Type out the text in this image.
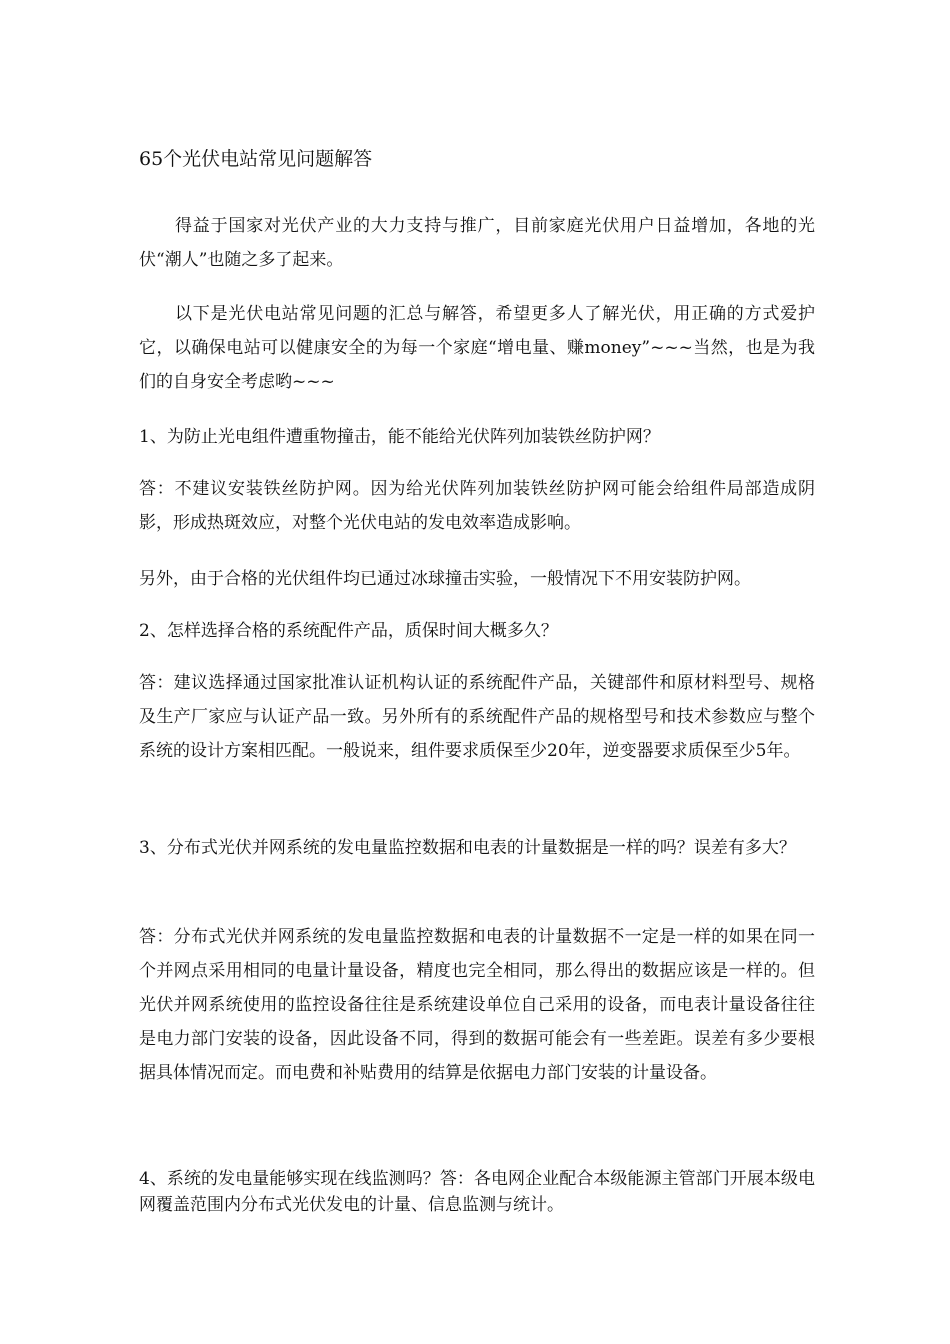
65个光伏电站常见问题解答

得益于国家对光伏产业的大力支持与推广，目前家庭光伏用户日益增加，各地的光伏“潮人”也随之多了起来。

以下是光伏电站常见问题的汇总与解答，希望更多人了解光伏，用正确的方式爱护它，以确保电站可以健康安全的为每一个家庭“增电量、赚money”~~~当然，也是为我们的自身安全考虑哟~~~

1、为防止光电组件遭重物撞击，能不能给光伏阵列加装铁丝防护网？

答：不建议安装铁丝防护网。因为给光伏阵列加装铁丝防护网可能会给组件局部造成阴影，形成热斑效应，对整个光伏电站的发电效率造成影响。

另外，由于合格的光伏组件均已通过冰球撞击实验，一般情况下不用安装防护网。

2、怎样选择合格的系统配件产品，质保时间大概多久？

答：建议选择通过国家批准认证机构认证的系统配件产品，关键部件和原材料型号、规格及生产厂家应与认证产品一致。另外所有的系统配件产品的规格型号和技术参数应与整个系统的设计方案相匹配。一般说来，组件要求质保至少20年，逆变器要求质保至少5年。

3、分布式光伏并网系统的发电量监控数据和电表的计量数据是一样的吗？误差有多大？

答：分布式光伏并网系统的发电量监控数据和电表的计量数据不一定是一样的如果在同一个并网点采用相同的电量计量设备，精度也完全相同，那么得出的数据应该是一样的。但光伏并网系统使用的监控设备往往是系统建设单位自己采用的设备，而电表计量设备往往是电力部门安装的设备，因此设备不同，得到的数据可能会有一些差距。误差有多少要根据具体情况而定。而电费和补贴费用的结算是依据电力部门安装的计量设备。

4、系统的发电量能够实现在线监测吗？答：各电网企业配合本级能源主管部门开展本级电网覆盖范围内分布式光伏发电的计量、信息监测与统计。
